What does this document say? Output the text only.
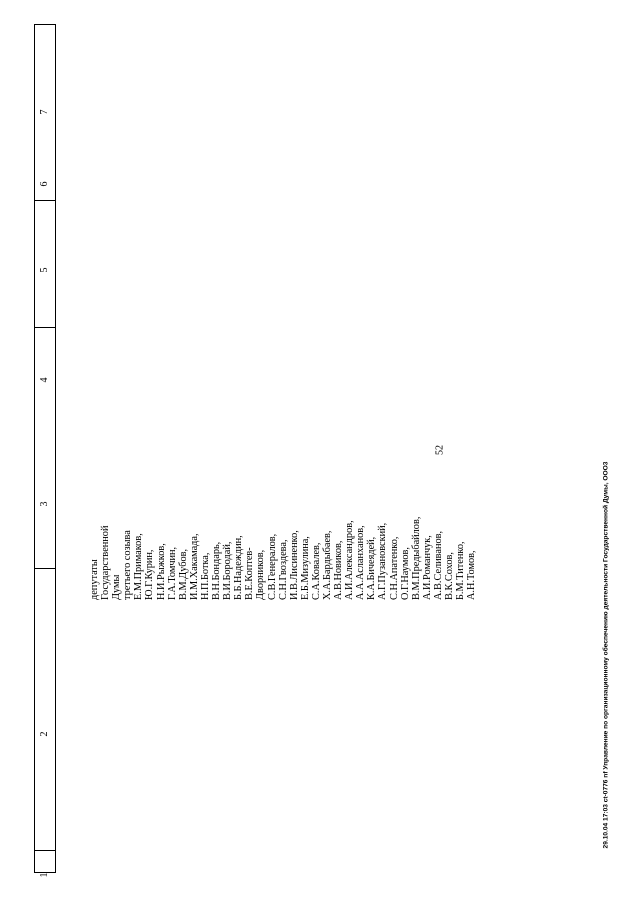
52
7
6
5
4
3
2
1
депутаты Государственной Думы третьего созыва Е.М.Примаков, Ю.Г.Курин, Н.И.Рыжков, Г.А.Томчин, В.М.Дубов, И.М.Хакамада, Н.П.Ботка, В.Н.Бондарь, В.И.Бородай, Б.Б.Надеждин, В.Е.Коптев- Дворников, С.В.Генералов, С.Н.Гвоздева, И.В.Лисиненко, Е.Б.Мизулина, С.А.Ковалев, Х.А.Бардыбаев, А.В.Новиков, А.И.Александров, А.А.Асланханов, К.А.Бичеядей, А.Г.Пузановский, С.Н.Апатенко, О.Г.Наумов, В.М.Предыбайлов, А.И.Романчук, А.В.Селиванов, В.К.Сохов, Б.М.Титенко, А.Н.Томов,	29.10.04 17:03 ct-0776 nf Управление по организационному обеспечению деятельности Государственной Думы, ООО3
